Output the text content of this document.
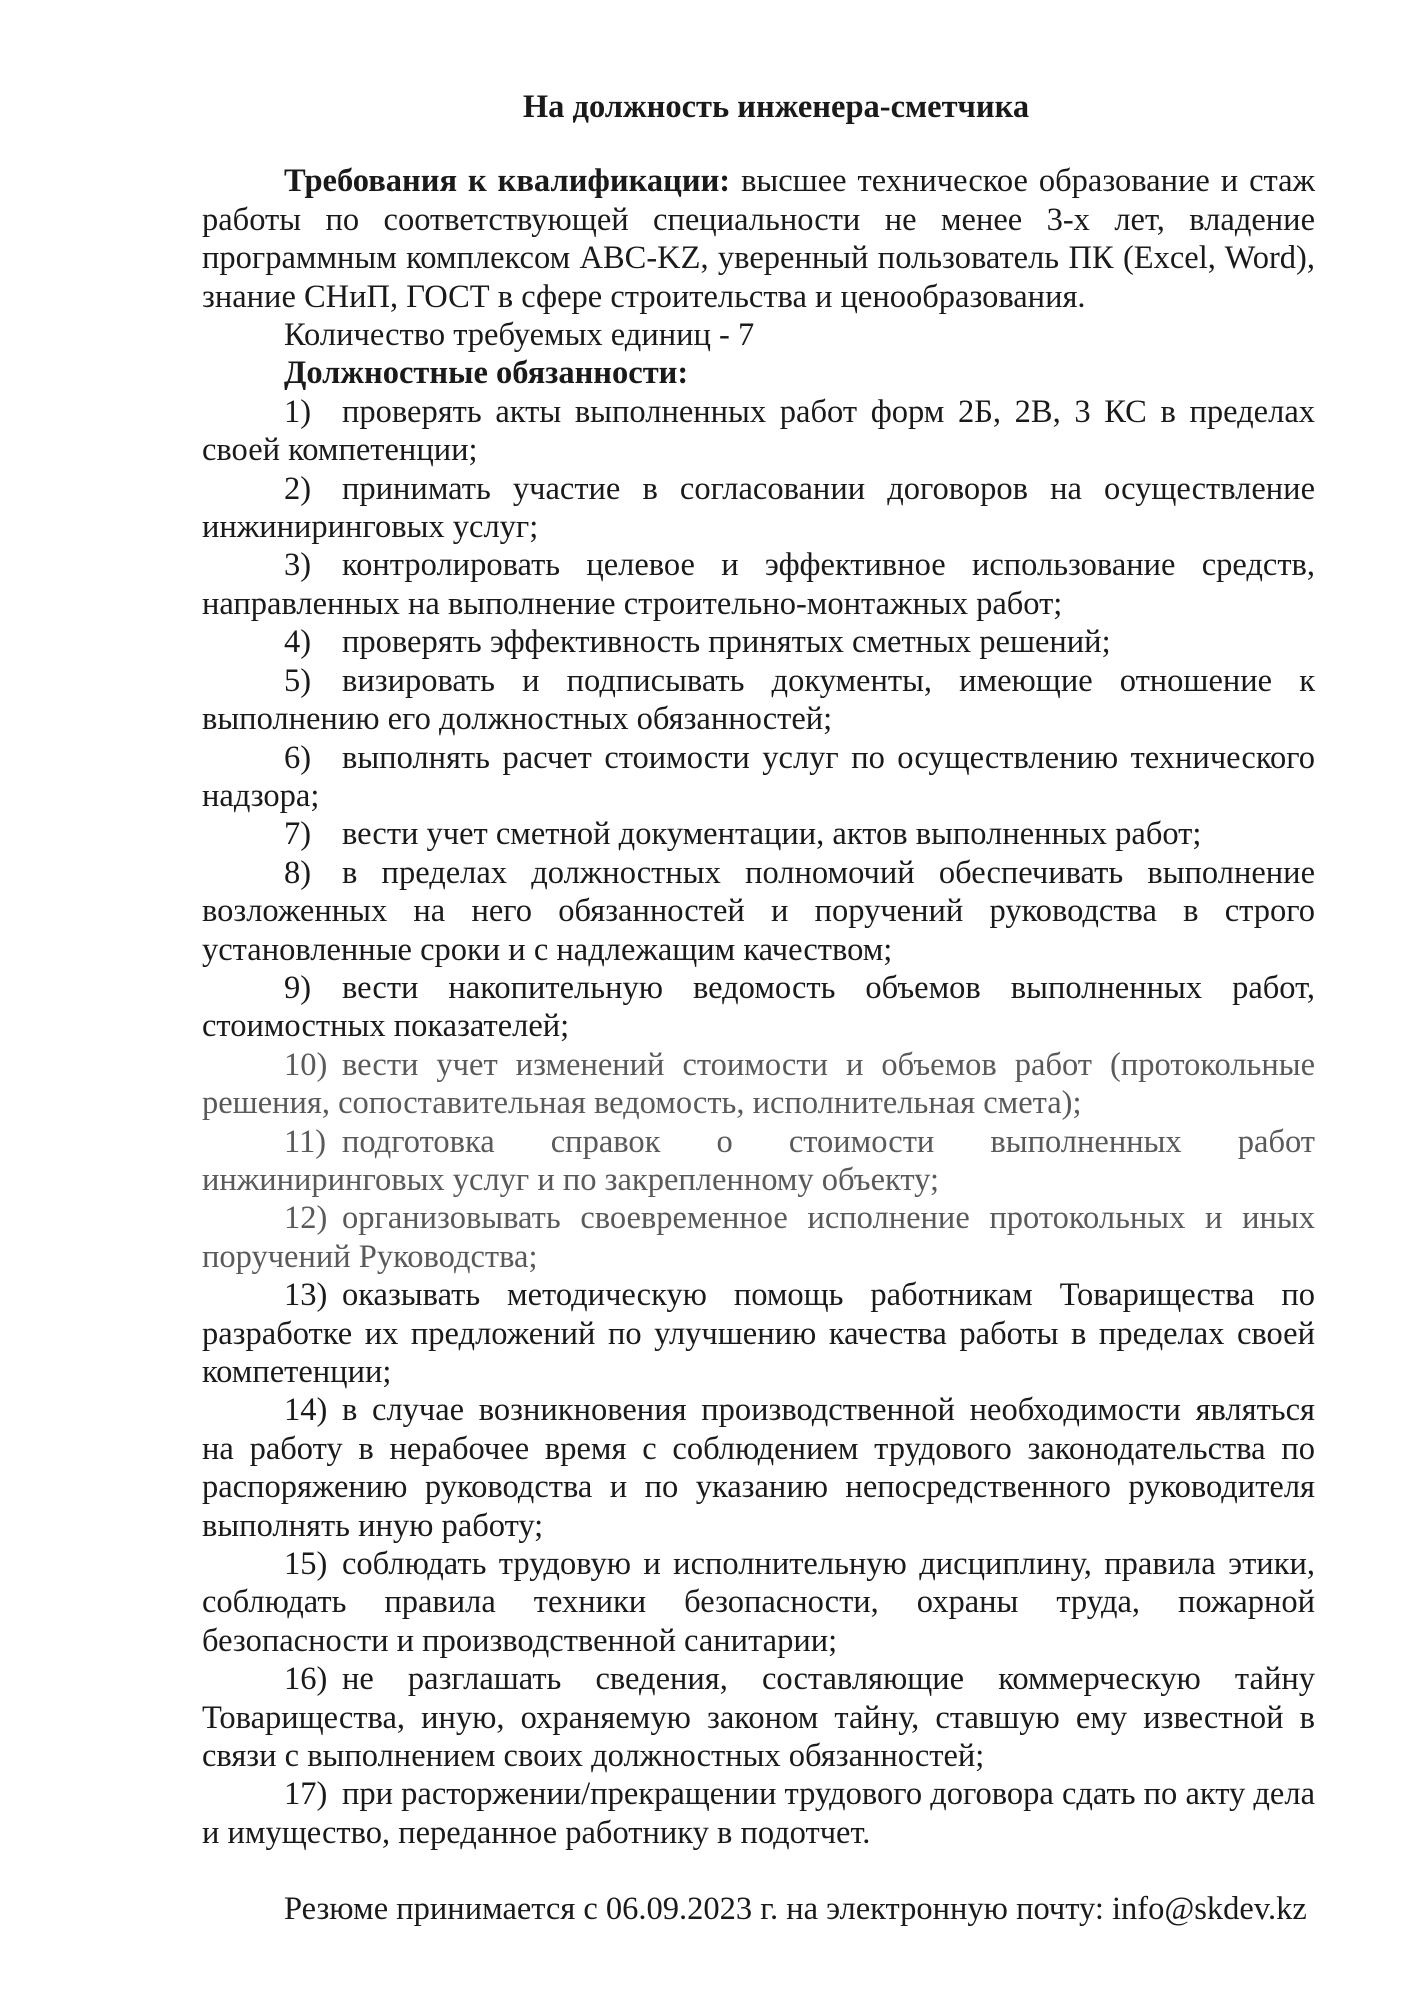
На должность инженера-сметчика

Требования к квалификации: высшее техническое образование и стаж работы по соответствующей специальности не менее 3-х лет, владение программным комплексом АВС-KZ, уверенный пользователь ПК (Excel, Word), знание СНиП, ГОСТ в сфере строительства и ценообразования.

Количество требуемых единиц - 7

Должностные обязанности:

1) проверять акты выполненных работ форм 2Б, 2В, 3 КС в пределах своей компетенции;
2) принимать участие в согласовании договоров на осуществление инжиниринговых услуг;
3) контролировать целевое и эффективное использование средств, направленных на выполнение строительно-монтажных работ;
4) проверять эффективность принятых сметных решений;
5) визировать и подписывать документы, имеющие отношение к выполнению его должностных обязанностей;
6) выполнять расчет стоимости услуг по осуществлению технического надзора;
7) вести учет сметной документации, актов выполненных работ;
8) в пределах должностных полномочий обеспечивать выполнение возложенных на него обязанностей и поручений руководства в строго установленные сроки и с надлежащим качеством;
9) вести накопительную ведомость объемов выполненных работ, стоимостных показателей;
10) вести учет изменений стоимости и объемов работ (протокольные решения, сопоставительная ведомость, исполнительная смета);
11) подготовка справок о стоимости выполненных работ инжиниринговых услуг и по закрепленному объекту;
12) организовывать своевременное исполнение протокольных и иных поручений Руководства;
13) оказывать методическую помощь работникам Товарищества по разработке их предложений по улучшению качества работы в пределах своей компетенции;
14) в случае возникновения производственной необходимости являться на работу в нерабочее время с соблюдением трудового законодательства по распоряжению руководства и по указанию непосредственного руководителя выполнять иную работу;
15) соблюдать трудовую и исполнительную дисциплину, правила этики, соблюдать правила техники безопасности, охраны труда, пожарной безопасности и производственной санитарии;
16) не разглашать сведения, составляющие коммерческую тайну Товарищества, иную, охраняемую законом тайну, ставшую ему известной в связи с выполнением своих должностных обязанностей;
17) при расторжении/прекращении трудового договора сдать по акту дела и имущество, переданное работнику в подотчет.

Резюме принимается с 06.09.2023 г. на электронную почту: info@skdev.kz
